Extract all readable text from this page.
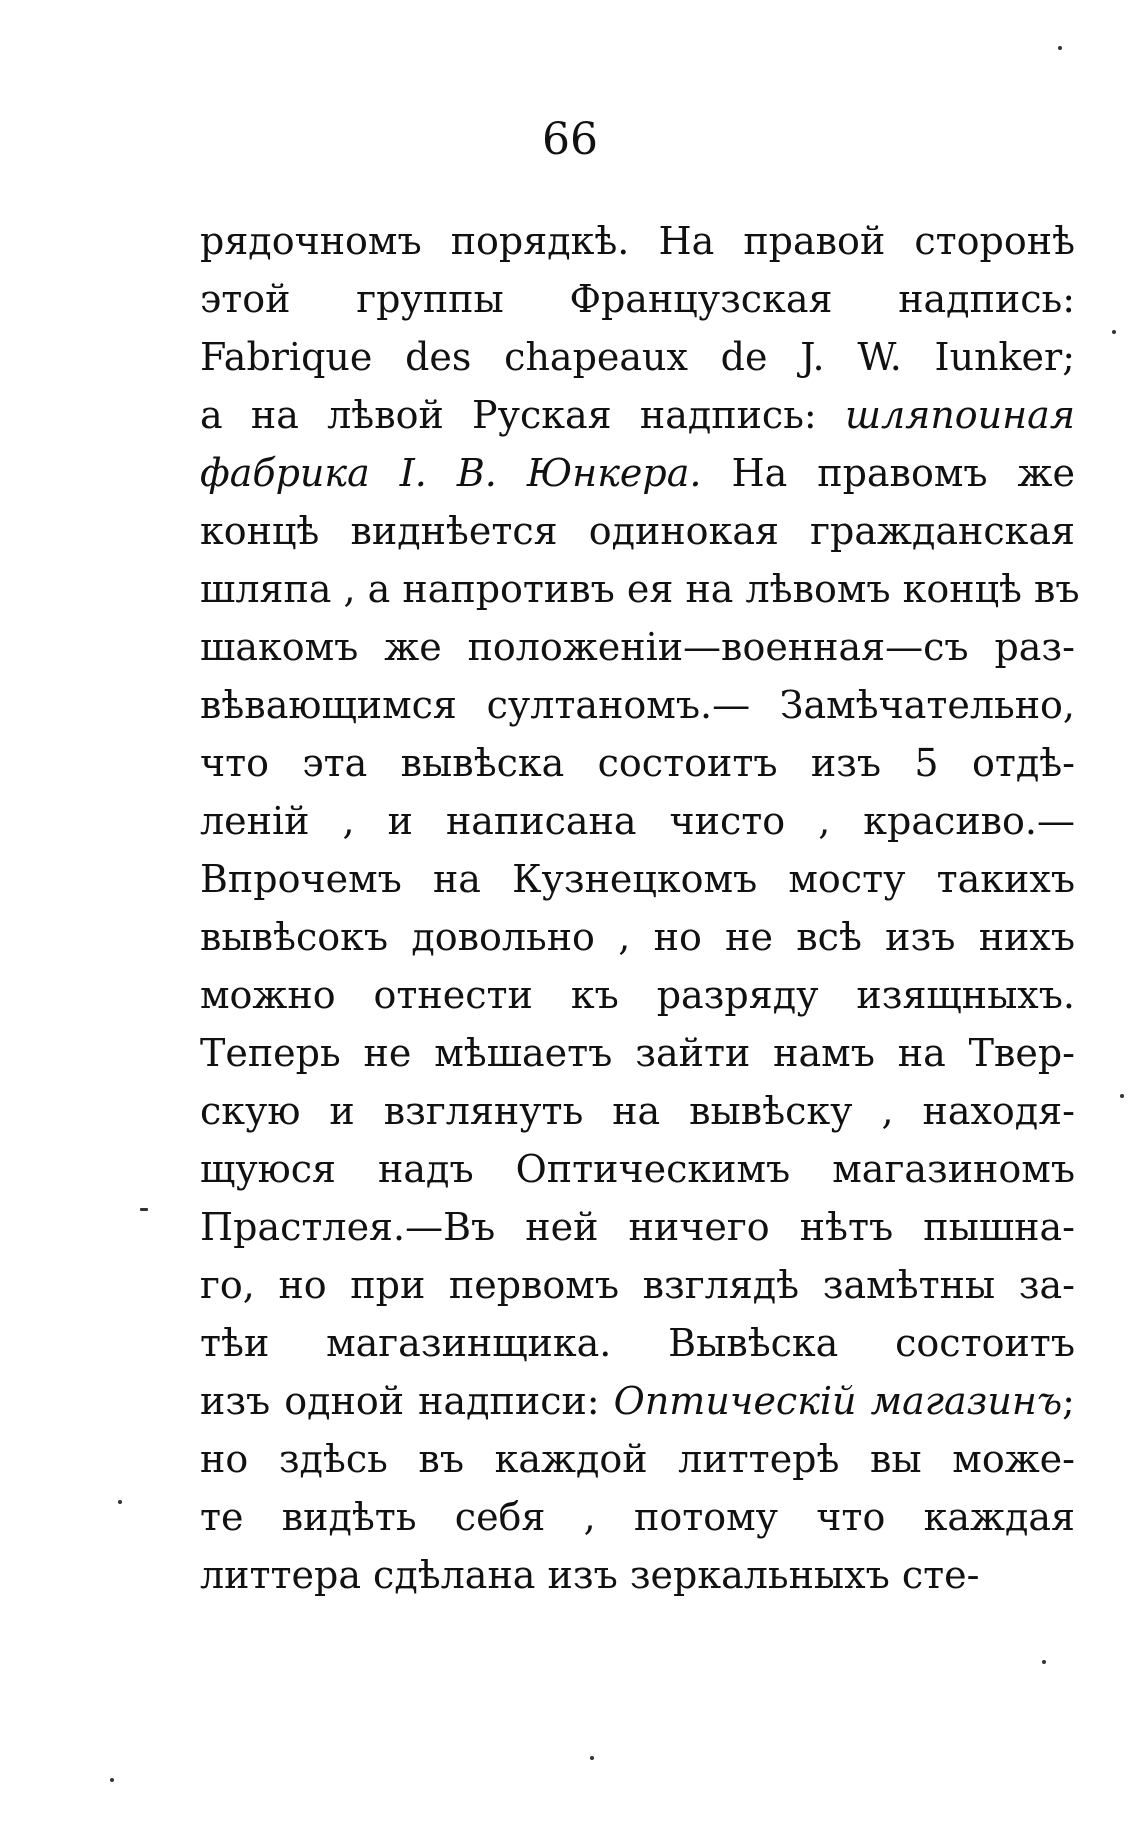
66
рядочномъ порядкѣ. На правой сторонѣ
этой группы Французская надпись:
Fabrique des chapeaux de J. W. Iunker;
а на лѣвой Руская надпись: шляпоиная
фабрика I. В. Юнкера. На правомъ же
концѣ виднѣется одинокая гражданская
шляпа , а напротивъ ея на лѣвомъ концѣ въ
шакомъ же положеніи—военная—съ раз-
вѣвающимся султаномъ.— Замѣчательно,
что эта вывѣска состоитъ изъ 5 отдѣ-
леній , и написана чисто , красиво.—
Впрочемъ на Кузнецкомъ мосту такихъ
вывѣсокъ довольно , но не всѣ изъ нихъ
можно отнести къ разряду изящныхъ.
Теперь не мѣшаетъ зайти намъ на Твер-
скую и взглянуть на вывѣску , находя-
щуюся надъ Оптическимъ магазиномъ
Прастлея.—Въ ней ничего нѣтъ пышна-
го, но при первомъ взглядѣ замѣтны за-
тѣи магазинщика. Вывѣска состоитъ
изъ одной надписи: Оптическій магазинъ;
но здѣсь въ каждой литтерѣ вы може-
те видѣть себя , потому что каждая
литтера сдѣлана изъ зеркальныхъ сте-
